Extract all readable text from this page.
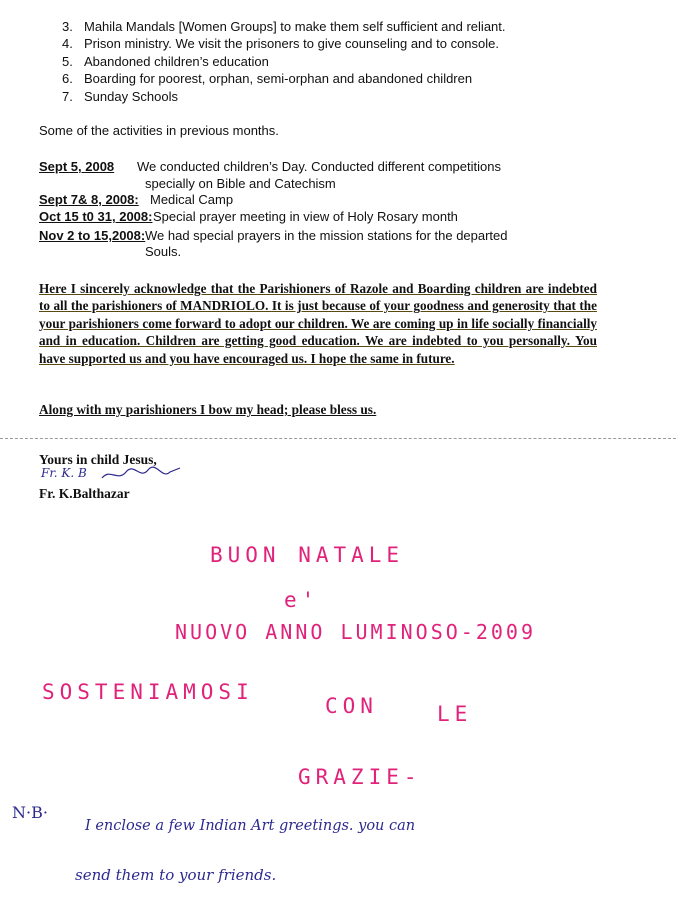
3. Mahila Mandals [Women Groups] to make them self sufficient and reliant.
4. Prison ministry. We visit the prisoners to give counseling and to console.
5. Abandoned children’s education
6. Boarding for poorest, orphan, semi-orphan and abandoned children
7. Sunday Schools
Some of the activities in previous months.
Sept 5, 2008 We conducted children’s Day. Conducted different competitions
specially on Bible and Catechism
Sept 7& 8, 2008: Medical Camp
Oct 15 t0 31, 2008: Special prayer meeting in view of Holy Rosary month
Nov 2 to 15,2008: We had special prayers in the mission stations for the departed
Souls.
Here I sincerely acknowledge that the Parishioners of Razole and Boarding children are indebted to all the parishioners of MANDRIOLO. It is just because of your goodness and generosity that the your parishioners come forward to adopt our children. We are coming up in life socially financially and in education. Children are getting good education. We are indebted to you personally. You have supported us and you have encouraged us. I hope the same in future.
Along with my parishioners I bow my head; please bless us.
Yours in child Jesus,
Fr. K. B
Fr. K.Balthazar
BUON NATALE
e'
NUOVO ANNO LUMINOSO-2009
SOSTENIAMOSI
CON	LE
GRAZIE-
N·B·
I enclose a few Indian Art greetings. you can
send them to your friends.
